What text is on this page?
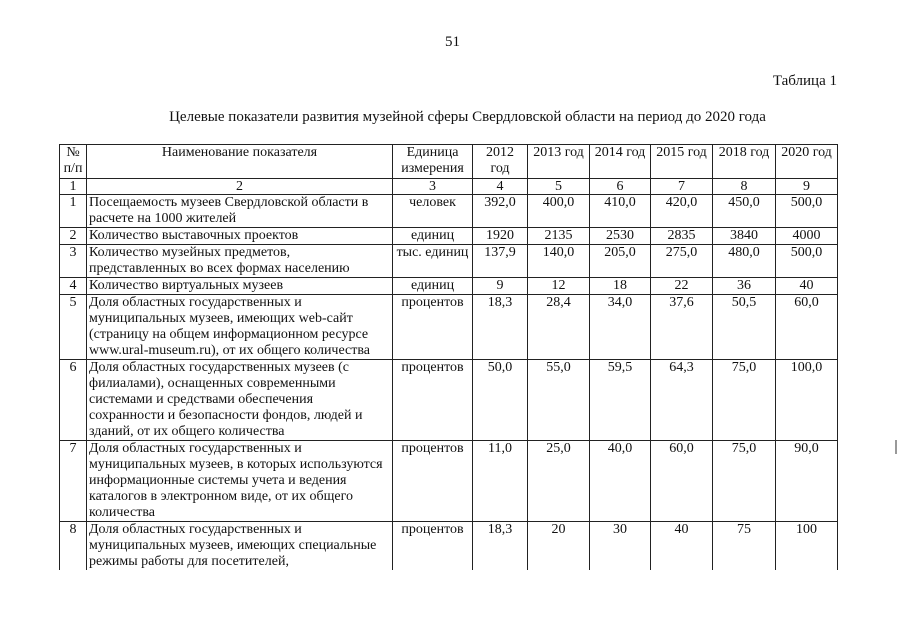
51
Таблица 1
Целевые показатели развития музейной сферы Свердловской области на период до 2020 года
№ п/п	Наименование показателя	Единица измерения	2012 год	2013 год	2014 год	2015 год	2018 год	2020 год
1	2	3	4	5	6	7	8	9
1	Посещаемость музеев Свердловской области в расчете на 1000 жителей	человек	392,0	400,0	410,0	420,0	450,0	500,0
2	Количество выставочных проектов	единиц	1920	2135	2530	2835	3840	4000
3	Количество музейных предметов, представленных во всех формах населению	тыс. единиц	137,9	140,0	205,0	275,0	480,0	500,0
4	Количество виртуальных музеев	единиц	9	12	18	22	36	40
5	Доля областных государственных и муниципальных музеев, имеющих web-сайт (страницу на общем информационном ресурсе www.ural-museum.ru), от их общего количества	процентов	18,3	28,4	34,0	37,6	50,5	60,0
6	Доля областных государственных музеев (с филиалами), оснащенных современными системами и средствами обеспечения сохранности и безопасности фондов, людей и зданий, от их общего количества	процентов	50,0	55,0	59,5	64,3	75,0	100,0
7	Доля областных государственных и муниципальных музеев, в которых используются информационные системы учета и ведения каталогов в электронном виде, от их общего количества	процентов	11,0	25,0	40,0	60,0	75,0	90,0
8	Доля областных государственных и муниципальных музеев, имеющих специальные режимы работы для посетителей,	процентов	18,3	20	30	40	75	100
